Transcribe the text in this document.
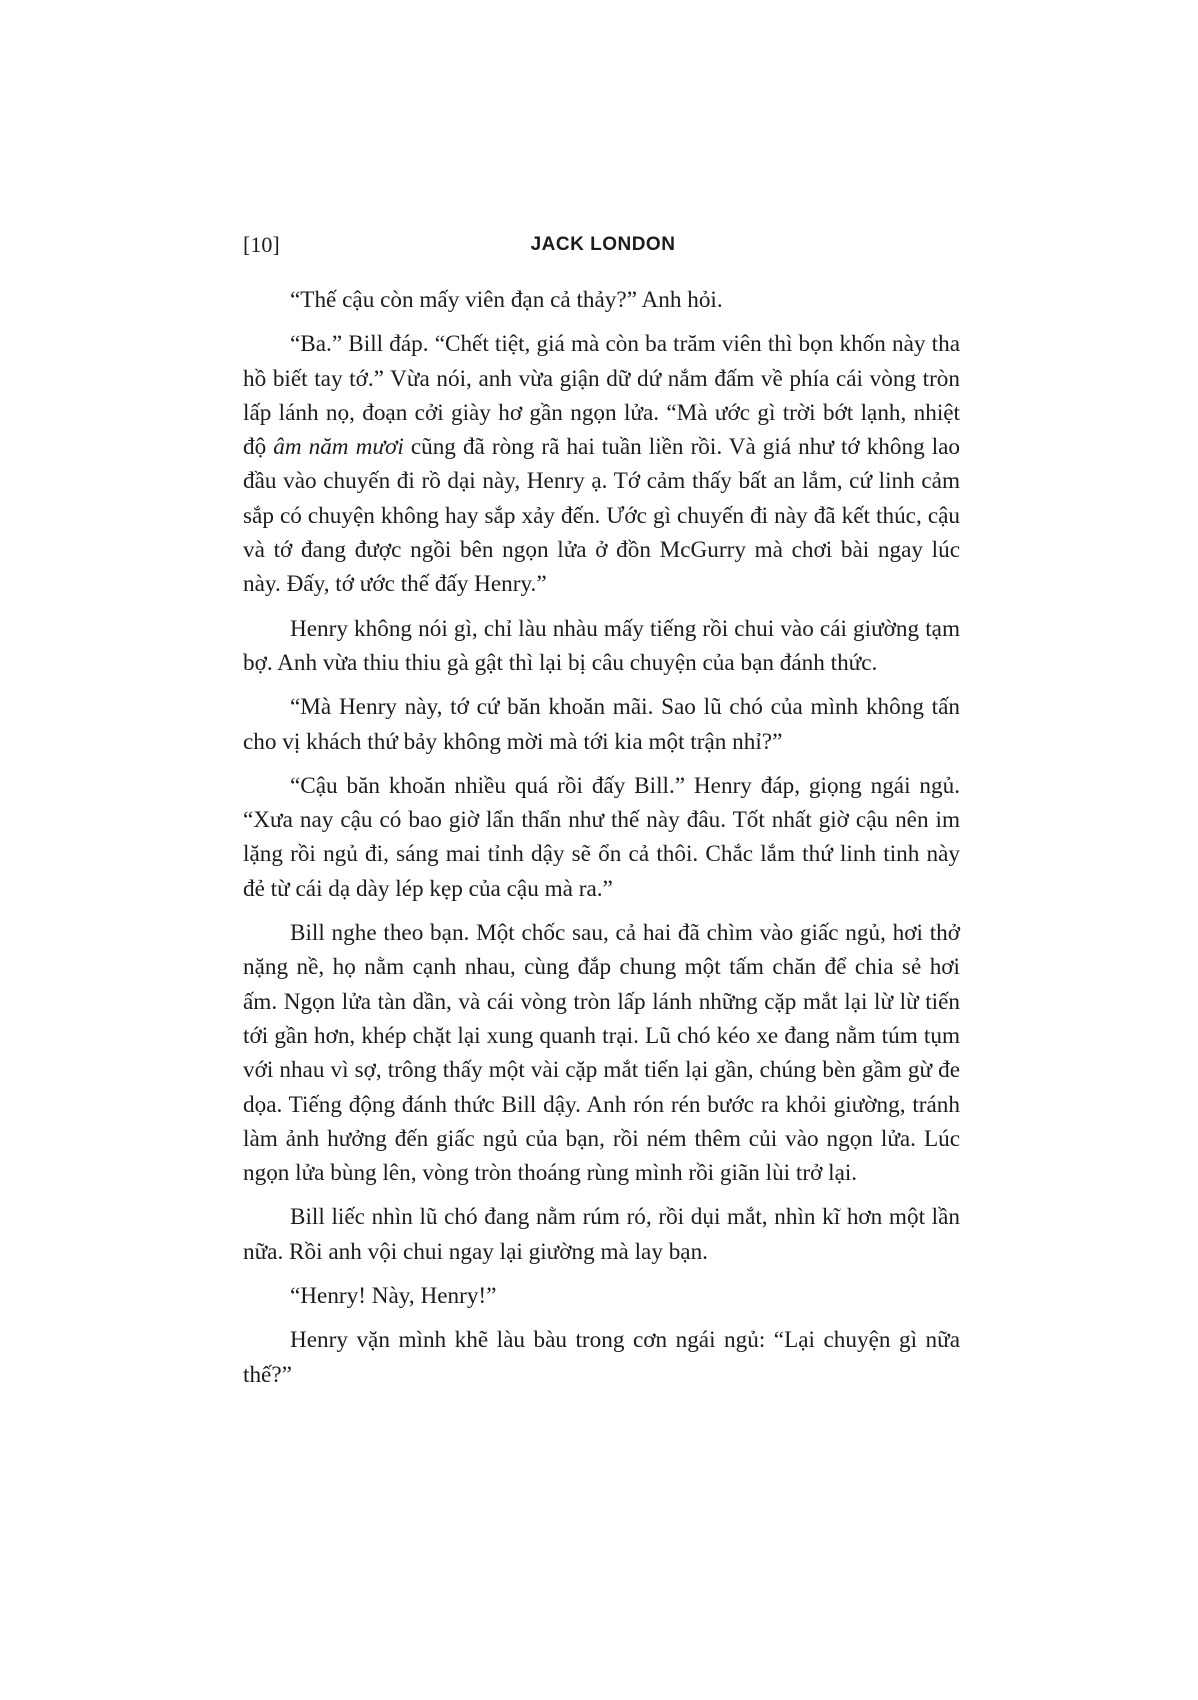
[10]	JACK LONDON

“Thế cậu còn mấy viên đạn cả thảy?” Anh hỏi.

“Ba.” Bill đáp. “Chết tiệt, giá mà còn ba trăm viên thì bọn khốn này tha hồ biết tay tớ.” Vừa nói, anh vừa giận dữ dứ nắm đấm về phía cái vòng tròn lấp lánh nọ, đoạn cởi giày hơ gần ngọn lửa. “Mà ước gì trời bớt lạnh, nhiệt độ âm năm mươi cũng đã ròng rã hai tuần liền rồi. Và giá như tớ không lao đầu vào chuyến đi rồ dại này, Henry ạ. Tớ cảm thấy bất an lắm, cứ linh cảm sắp có chuyện không hay sắp xảy đến. Ước gì chuyến đi này đã kết thúc, cậu và tớ đang được ngồi bên ngọn lửa ở đồn McGurry mà chơi bài ngay lúc này. Đấy, tớ ước thế đấy Henry.”

Henry không nói gì, chỉ làu nhàu mấy tiếng rồi chui vào cái giường tạm bợ. Anh vừa thiu thiu gà gật thì lại bị câu chuyện của bạn đánh thức.

“Mà Henry này, tớ cứ băn khoăn mãi. Sao lũ chó của mình không tấn cho vị khách thứ bảy không mời mà tới kia một trận nhỉ?”

“Cậu băn khoăn nhiều quá rồi đấy Bill.” Henry đáp, giọng ngái ngủ. “Xưa nay cậu có bao giờ lẩn thẩn như thế này đâu. Tốt nhất giờ cậu nên im lặng rồi ngủ đi, sáng mai tỉnh dậy sẽ ổn cả thôi. Chắc lắm thứ linh tinh này đẻ từ cái dạ dày lép kẹp của cậu mà ra.”

Bill nghe theo bạn. Một chốc sau, cả hai đã chìm vào giấc ngủ, hơi thở nặng nề, họ nằm cạnh nhau, cùng đắp chung một tấm chăn để chia sẻ hơi ấm. Ngọn lửa tàn dần, và cái vòng tròn lấp lánh những cặp mắt lại lừ lừ tiến tới gần hơn, khép chặt lại xung quanh trại. Lũ chó kéo xe đang nằm túm tụm với nhau vì sợ, trông thấy một vài cặp mắt tiến lại gần, chúng bèn gầm gừ đe dọa. Tiếng động đánh thức Bill dậy. Anh rón rén bước ra khỏi giường, tránh làm ảnh hưởng đến giấc ngủ của bạn, rồi ném thêm củi vào ngọn lửa. Lúc ngọn lửa bùng lên, vòng tròn thoáng rùng mình rồi giãn lùi trở lại.

Bill liếc nhìn lũ chó đang nằm rúm ró, rồi dụi mắt, nhìn kĩ hơn một lần nữa. Rồi anh vội chui ngay lại giường mà lay bạn.

“Henry! Này, Henry!”

Henry vặn mình khẽ làu bàu trong cơn ngái ngủ: “Lại chuyện gì nữa thế?”
